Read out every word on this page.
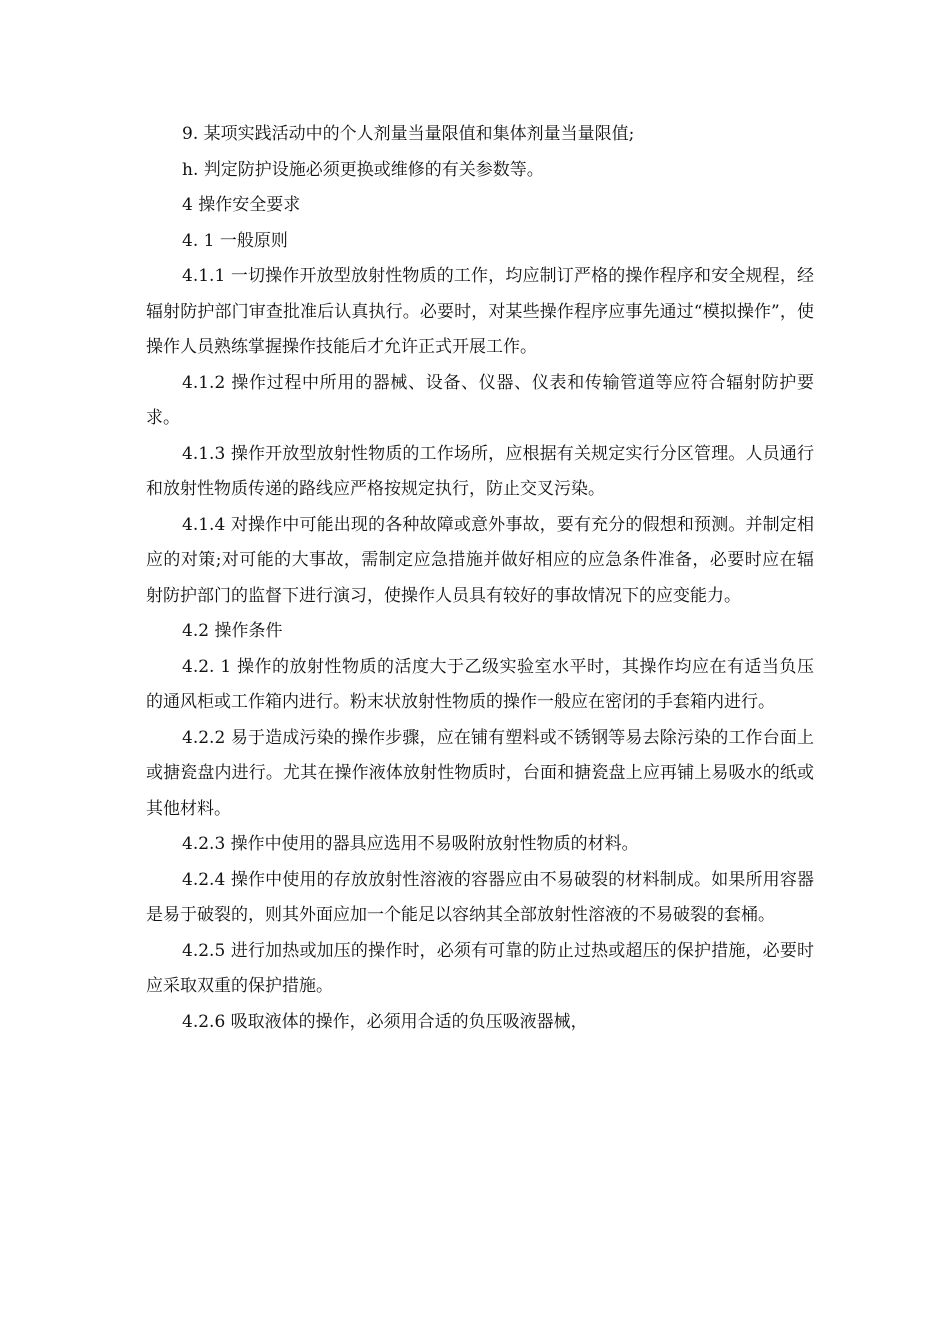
9. 某项实践活动中的个人剂量当量限值和集体剂量当量限值;

h. 判定防护设施必须更换或维修的有关参数等。

4 操作安全要求

4. 1 一般原则

4.1.1 一切操作开放型放射性物质的工作，均应制订严格的操作程序和安全规程，经辐射防护部门审查批准后认真执行。必要时，对某些操作程序应事先通过“模拟操作”，使操作人员熟练掌握操作技能后才允许正式开展工作。

4.1.2 操作过程中所用的器械、设备、仪器、仪表和传输管道等应符合辐射防护要求。

4.1.3 操作开放型放射性物质的工作场所，应根据有关规定实行分区管理。人员通行和放射性物质传递的路线应严格按规定执行，防止交叉污染。

4.1.4 对操作中可能出现的各种故障或意外事故，要有充分的假想和预测。并制定相应的对策;对可能的大事故，需制定应急措施并做好相应的应急条件准备，必要时应在辐射防护部门的监督下进行演习，使操作人员具有较好的事故情况下的应变能力。

4.2 操作条件

4.2. 1 操作的放射性物质的活度大于乙级实验室水平时，其操作均应在有适当负压的通风柜或工作箱内进行。粉末状放射性物质的操作一般应在密闭的手套箱内进行。

4.2.2 易于造成污染的操作步骤，应在铺有塑料或不锈钢等易去除污染的工作台面上或搪瓷盘内进行。尤其在操作液体放射性物质时，台面和搪瓷盘上应再铺上易吸水的纸或其他材料。

4.2.3 操作中使用的器具应选用不易吸附放射性物质的材料。

4.2.4 操作中使用的存放放射性溶液的容器应由不易破裂的材料制成。如果所用容器是易于破裂的，则其外面应加一个能足以容纳其全部放射性溶液的不易破裂的套桶。

4.2.5 进行加热或加压的操作时，必须有可靠的防止过热或超压的保护措施，必要时应采取双重的保护措施。

4.2.6 吸取液体的操作，必须用合适的负压吸液器械，
